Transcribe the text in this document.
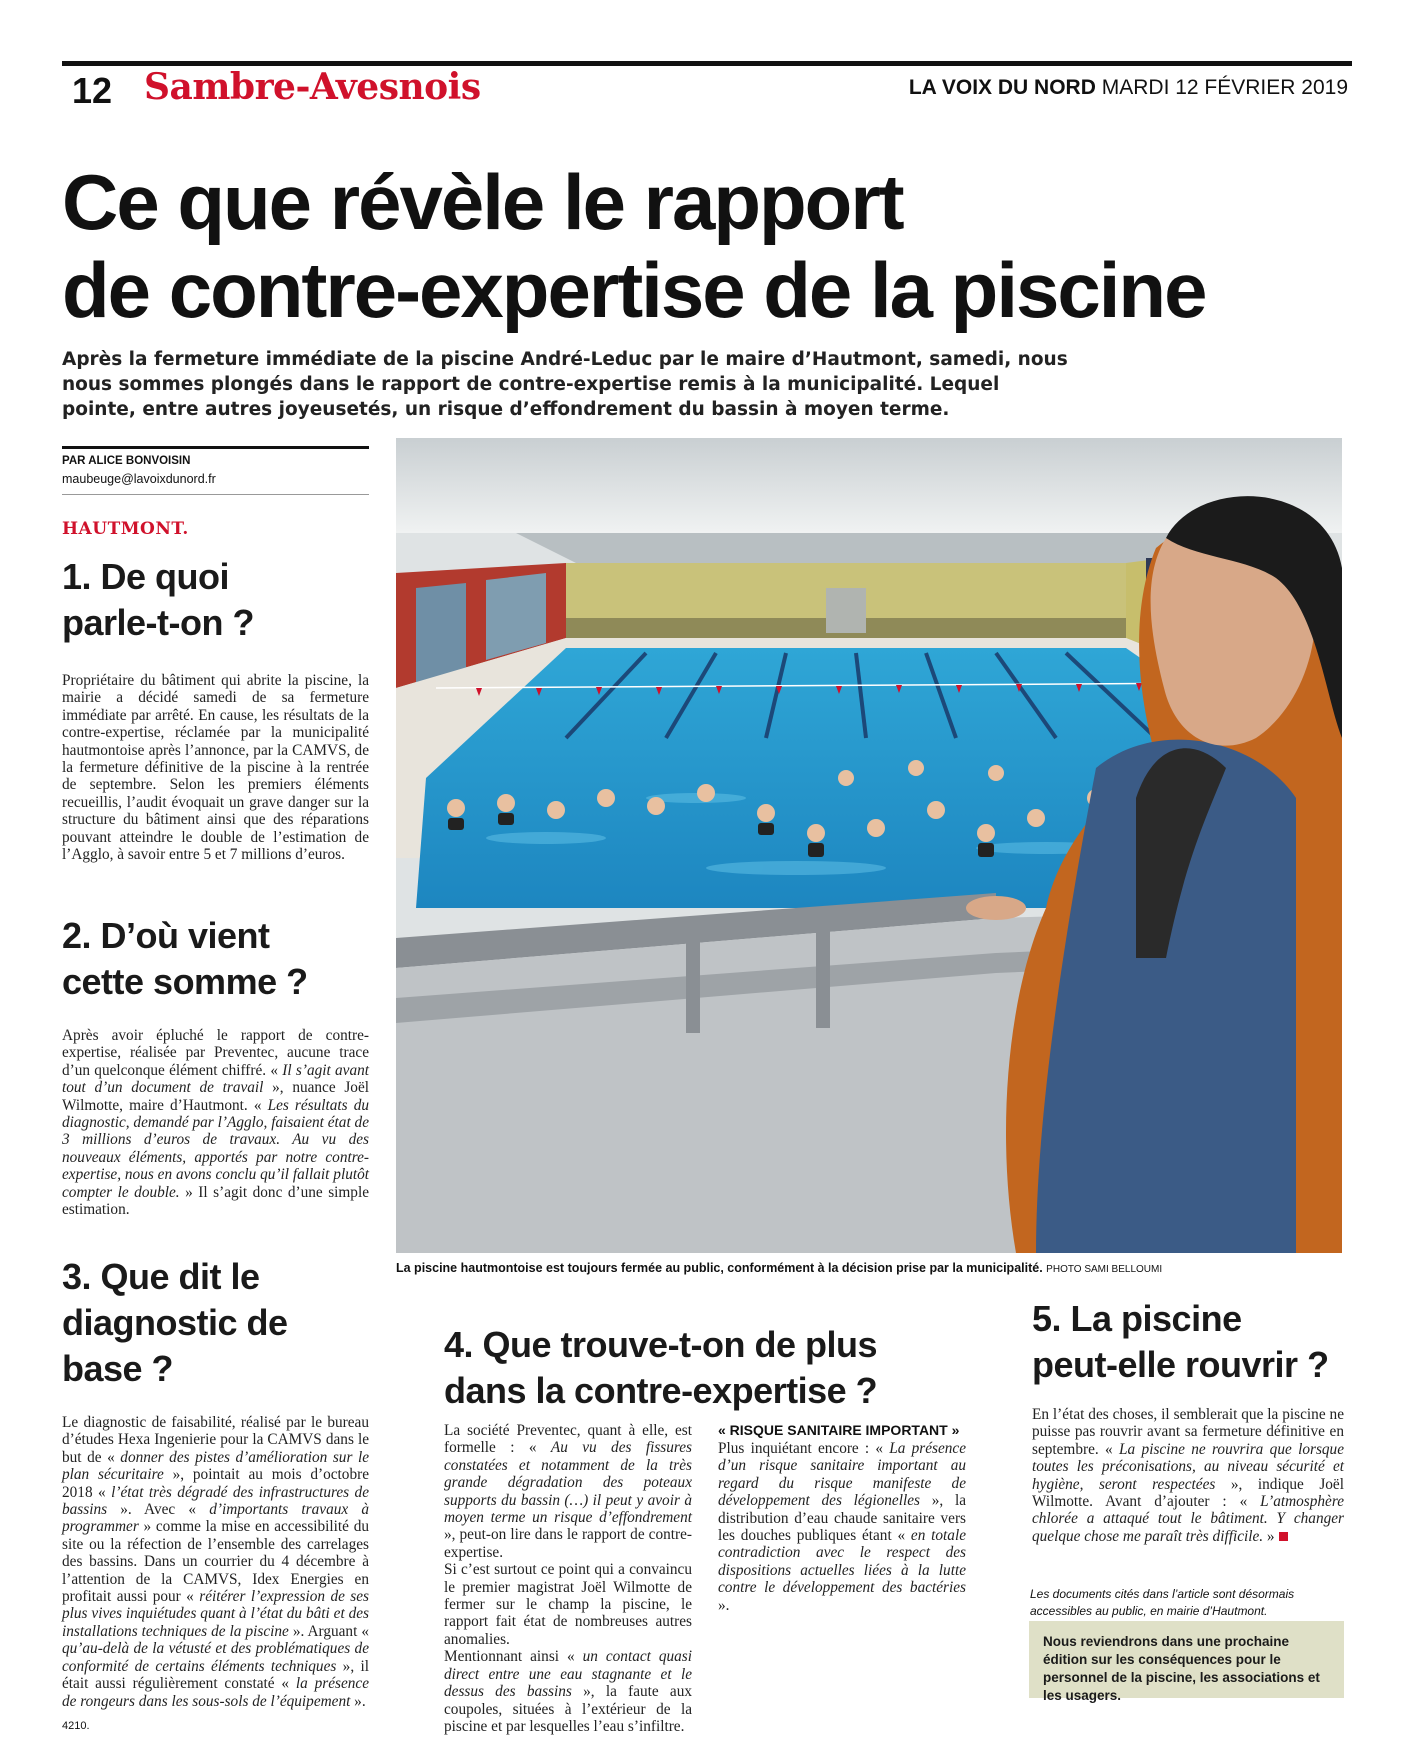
12 Sambre-Avesnois	LA VOIX DU NORD MARDI 12 FÉVRIER 2019
Ce que révèle le rapport
de contre-expertise de la piscine
Après la fermeture immédiate de la piscine André-Leduc par le maire d’Hautmont, samedi, nous nous sommes plongés dans le rapport de contre-expertise remis à la municipalité. Lequel pointe, entre autres joyeusetés, un risque d’effondrement du bassin à moyen terme.
PAR ALICE BONVOISIN
maubeuge@lavoixdunord.fr
HAUTMONT.
1. De quoi
parle-t-on ?

Propriétaire du bâtiment qui abrite la piscine, la mairie a décidé samedi de sa fermeture immédiate par arrêté. En cause, les résultats de la contre-expertise, réclamée par la municipalité hautmontoise après l’annonce, par la CAMVS, de la fermeture définitive de la piscine à la rentrée de septembre. Selon les premiers éléments recueillis, l’audit évoquait un grave danger sur la structure du bâtiment ainsi que des réparations pouvant atteindre le double de l’estimation de l’Agglo, à savoir entre 5 et 7 millions d’euros.

2. D’où vient
cette somme ?

Après avoir épluché le rapport de contre-expertise, réalisée par Preventec, aucune trace d’un quelconque élément chiffré. « Il s’agit avant tout d’un document de travail », nuance Joël Wilmotte, maire d’Hautmont. « Les résultats du diagnostic, demandé par l’Agglo, faisaient état de 3 millions d’euros de travaux. Au vu des nouveaux éléments, apportés par notre contre-expertise, nous en avons conclu qu’il fallait plutôt compter le double. » Il s’agit donc d’une simple estimation.

3. Que dit le
diagnostic de base ?

Le diagnostic de faisabilité, réalisé par le bureau d’études Hexa Ingenierie pour la CAMVS dans le but de « donner des pistes d’amélioration sur le plan sécuritaire », pointait au mois d’octobre 2018 « l’état très dégradé des infrastructures de bassins ». Avec « d’importants travaux à programmer » comme la mise en accessibilité du site ou la réfection de l’ensemble des carrelages des bassins. Dans un courrier du 4 décembre à l’attention de la CAMVS, Idex Energies en profitait aussi pour « réitérer l’expression de ses plus vives inquiétudes quant à l’état du bâti et des installations techniques de la piscine ». Arguant « qu’au-delà de la vétusté et des problématiques de conformité de certains éléments techniques », il était aussi régulièrement constaté « la présence de rongeurs dans les sous-sols de l’équipement ».

La piscine hautmontoise est toujours fermée au public, conformément à la décision prise par la municipalité. PHOTO SAMI BELLOUMI
4. Que trouve-t-on de plus
dans la contre-expertise ?

La société Preventec, quant à elle, est formelle : « Au vu des fissures constatées et notamment de la très grande dégradation des poteaux supports du bassin (…) il peut y avoir à moyen terme un risque d’effondrement », peut-on lire dans le rapport de contre-expertise.

Si c’est surtout ce point qui a convaincu le premier magistrat Joël Wilmotte de fermer sur le champ la piscine, le rapport fait état de nombreuses autres anomalies.

Mentionnant ainsi « un contact quasi direct entre une eau stagnante et le dessus des bassins », la faute aux coupoles, situées à l’extérieur de la piscine et par lesquelles l’eau s’infiltre.

« RISQUE SANITAIRE IMPORTANT »

Plus inquiétant encore : « La présence d’un risque sanitaire important au regard du risque manifeste de développement des légionelles », la distribution d’eau chaude sanitaire vers les douches publiques étant « en totale contradiction avec le respect des dispositions actuelles liées à la lutte contre le développement des bactéries ».

5. La piscine
peut-elle rouvrir ?

En l’état des choses, il semblerait que la piscine ne puisse pas rouvrir avant sa fermeture définitive en septembre. « La piscine ne rouvrira que lorsque toutes les préconisations, au niveau sécurité et hygiène, seront respectées », indique Joël Wilmotte. Avant d’ajouter : « L’atmosphère chlorée a attaqué tout le bâtiment. Y changer quelque chose me paraît très difficile. »

Les documents cités dans l’article sont désormais accessibles au public, en mairie d’Hautmont.
Nous reviendrons dans une prochaine édition sur les conséquences pour le personnel de la piscine, les associations et les usagers.
4210.
